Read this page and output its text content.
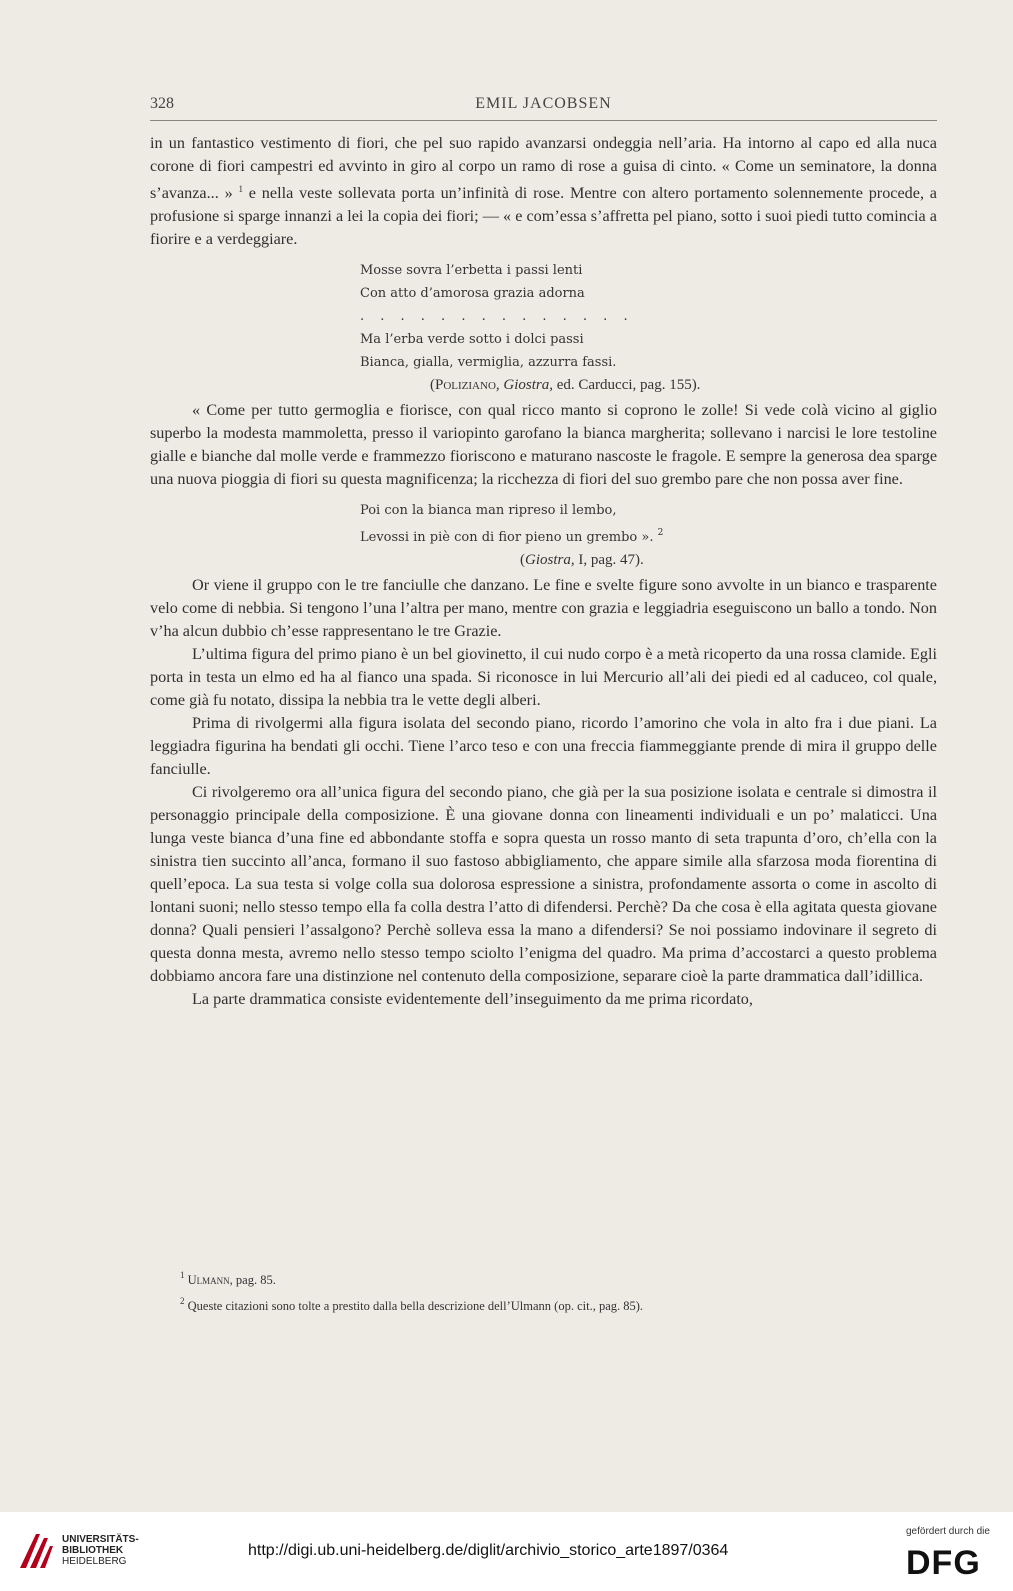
328	EMIL JACOBSEN

in un fantastico vestimento di fiori, che pel suo rapido avanzarsi ondeggia nell’aria. Ha intorno al capo ed alla nuca corone di fiori campestri ed avvinto in giro al corpo un ramo di rose a guisa di cinto. « Come un seminatore, la donna s’avanza... » $^1$ e nella veste sollevata porta un’infinità di rose. Mentre con altero portamento solennemente procede, a profusione si sparge innanzi a lei la copia dei fiori; — « e com’essa s’affretta pel piano, sotto i suoi piedi tutto comincia a fiorire e a verdeggiare.

Mosse sovra l’erbetta i passi lenti
Con atto d’amorosa grazia adorna
. . . . . . . . . . . . . .
Ma l’erba verde sotto i dolci passi
Bianca, gialla, vermiglia, azzurra fassi.
(Poliziano, Giostra, ed. Carducci, pag. 155).

« Come per tutto germoglia e fiorisce, con qual ricco manto si coprono le zolle! Si vede colà vicino al giglio superbo la modesta mammoletta, presso il variopinto garofano la bianca margherita; sollevano i narcisi le lore testoline gialle e bianche dal molle verde e frammezzo fioriscono e maturano nascoste le fragole. E sempre la generosa dea sparge una nuova pioggia di fiori su questa magnificenza; la ricchezza di fiori del suo grembo pare che non possa aver fine.

Poi con la bianca man ripreso il lembo,
Levossi in piè con di fior pieno un grembo ». $^2$
(Giostra, I, pag. 47).

Or viene il gruppo con le tre fanciulle che danzano. Le fine e svelte figure sono avvolte in un bianco e trasparente velo come di nebbia. Si tengono l’una l’altra per mano, mentre con grazia e leggiadria eseguiscono un ballo a tondo. Non v’ha alcun dubbio ch’esse rappresentano le tre Grazie.

L’ultima figura del primo piano è un bel giovinetto, il cui nudo corpo è a metà ricoperto da una rossa clamide. Egli porta in testa un elmo ed ha al fianco una spada. Si riconosce in lui Mercurio all’ali dei piedi ed al caduceo, col quale, come già fu notato, dissipa la nebbia tra le vette degli alberi.

Prima di rivolgermi alla figura isolata del secondo piano, ricordo l’amorino che vola in alto fra i due piani. La leggiadra figurina ha bendati gli occhi. Tiene l’arco teso e con una freccia fiammeggiante prende di mira il gruppo delle fanciulle.

Ci rivolgeremo ora all’unica figura del secondo piano, che già per la sua posizione isolata e centrale si dimostra il personaggio principale della composizione. È una giovane donna con lineamenti individuali e un po’ malaticci. Una lunga veste bianca d’una fine ed abbondante stoffa e sopra questa un rosso manto di seta trapunta d’oro, ch’ella con la sinistra tien succinto all’anca, formano il suo fastoso abbigliamento, che appare simile alla sfarzosa moda fiorentina di quell’epoca. La sua testa si volge colla sua dolorosa espressione a sinistra, profondamente assorta o come in ascolto di lontani suoni; nello stesso tempo ella fa colla destra l’atto di difendersi. Perchè? Da che cosa è ella agitata questa giovane donna? Quali pensieri l’assalgono? Perchè solleva essa la mano a difendersi? Se noi possiamo indovinare il segreto di questa donna mesta, avremo nello stesso tempo sciolto l’enigma del quadro. Ma prima d’accostarci a questo problema dobbiamo ancora fare una distinzione nel contenuto della composizione, separare cioè la parte drammatica dall’idillica.

La parte drammatica consiste evidentemente dell’inseguimento da me prima ricordato,

$^1$ Ulmann, pag. 85.
$^2$ Queste citazioni sono tolte a prestito dalla bella descrizione dell’Ulmann (op. cit., pag. 85).
UNIVERSITÄTS-
BIBLIOTHEK
HEIDELBERG
http://digi.ub.uni-heidelberg.de/diglit/archivio_storico_arte1897/0364
gefördert durch die
DFG
